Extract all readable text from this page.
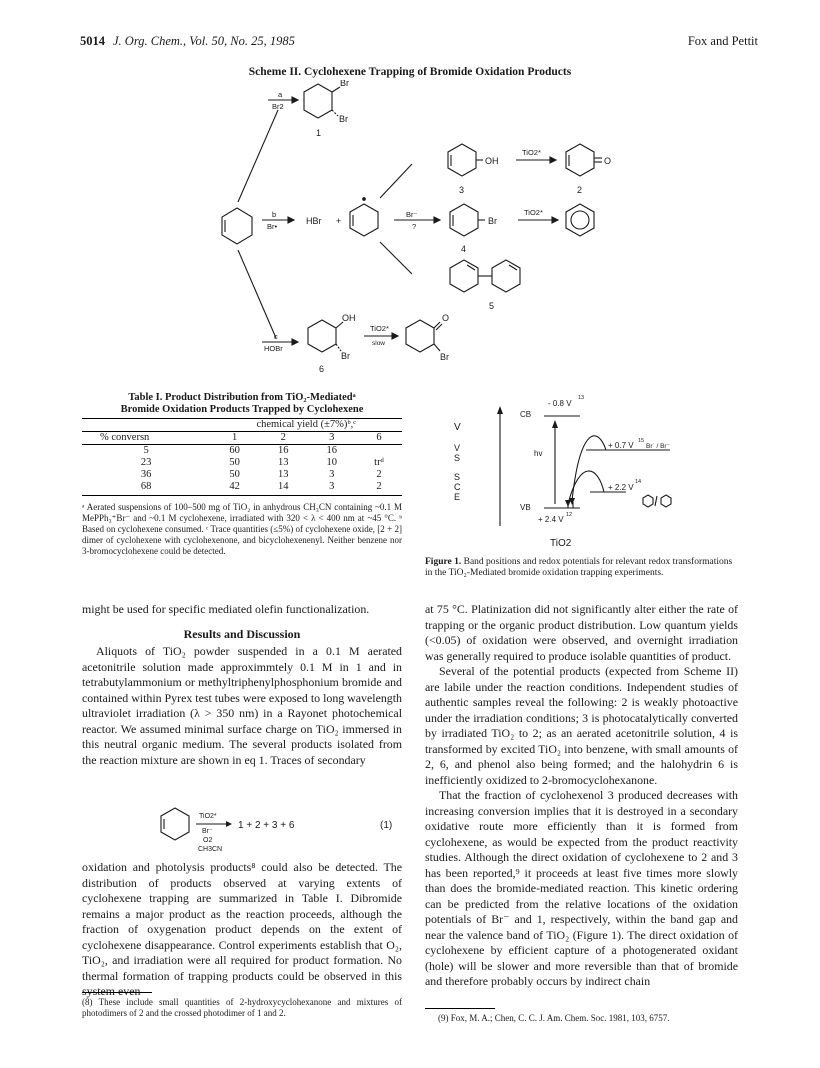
5014 J. Org. Chem., Vol. 50, No. 25, 1985	Fox and Pettit
Scheme II. Cyclohexene Trapping of Bromide Oxidation Products
a
Br2
Br
Br
1
b
Br•
HBr +
Br⁻
?
Br
TiO2*
4
OH
TiO2*
O
3	2
5
c
HOBr
OH
Br
TiO2*
slow
O
Br
6
Table I. Product Distribution from TiO₂-Mediatedᵃ
Bromide Oxidation Products Trapped by Cyclohexene
	chemical yield (±7%)ᵇ,ᶜ			
% conversn	1	2	3	6
5	60	16	16	
23	50	13	10	trᵈ
36	50	13	3	2
68	42	14	3	2
ᵃ Aerated suspensions of 100–500 mg of TiO₂ in anhydrous CH₃CN containing ~0.1 M MePPh₃⁺Br⁻ and ~0.1 M cyclohexene, irradiated with 320 < λ < 400 nm at ~45 °C. ᵇ Based on cyclohexene consumed. ᶜ Trace quantities (≤5%) of cyclohexene oxide, [2 + 2] dimer of cyclohexene with cyclohexenone, and bicyclohexenenyl. Neither benzene nor 3-bromocyclohexene could be detected.
CB
VB
- 0.8 V
13
+ 2.4 V 12
+ 0.7 V 15
Br˙ / Br⁻
+ 2.2 V
14
hv
V
V
S
S
C
E
TiO2
Figure 1. Band positions and redox potentials for relevant redox transformations in the TiO₂-Mediated bromide oxidation trapping experiments.

might be used for specific mediated olefin functionalization.

Results and Discussion

Aliquots of TiO₂ powder suspended in a 0.1 M aerated acetonitrile solution made approximmtely 0.1 M in 1 and in tetrabutylammonium or methyltriphenylphosphonium bromide and contained within Pyrex test tubes were exposed to long wavelength ultraviolet irradiation (λ > 350 nm) in a Rayonet photochemical reactor. We assumed minimal surface charge on TiO₂ immersed in this neutral organic medium. The several products isolated from the reaction mixture are shown in eq 1. Traces of secondary

TiO2*
Br⁻
O2
CH3CN
1 + 2 + 3 + 6	(1)

oxidation and photolysis products⁸ could also be detected. The distribution of products observed at varying extents of cyclohexene trapping are summarized in Table I. Dibromide remains a major product as the reaction proceeds, although the fraction of oxygenation product depends on the extent of cyclohexene disappearance. Control experiments establish that O₂, TiO₂, and irradiation were all required for product formation. No thermal formation of trapping products could be observed in this system even

at 75 °C. Platinization did not significantly alter either the rate of trapping or the organic product distribution. Low quantum yields (<0.05) of oxidation were observed, and overnight irradiation was generally required to produce isolable quantities of product.

Several of the potential products (expected from Scheme II) are labile under the reaction conditions. Independent studies of authentic samples reveal the following: 2 is weakly photoactive under the irradiation conditions; 3 is photocatalytically converted by irradiated TiO₂ to 2; as an aerated acetonitrile solution, 4 is transformed by excited TiO₂ into benzene, with small amounts of 2, 6, and phenol also being formed; and the halohydrin 6 is inefficiently oxidized to 2-bromocyclohexanone.

That the fraction of cyclohexenol 3 produced decreases with increasing conversion implies that it is destroyed in a secondary oxidative route more efficiently than it is formed from cyclohexene, as would be expected from the product reactivity studies. Although the direct oxidation of cyclohexene to 2 and 3 has been reported,⁹ it proceeds at least five times more slowly than does the bromide-mediated reaction. This kinetic ordering can be predicted from the relative locations of the oxidation potentials of Br⁻ and 1, respectively, within the band gap and near the valence band of TiO₂ (Figure 1). The direct oxidation of cyclohexene by efficient capture of a photogenerated oxidant (hole) will be slower and more reversible than that of bromide and therefore probably occurs by indirect chain

(8) These include small quantities of 2-hydroxycyclohexanone and mixtures of photodimers of 2 and the crossed photodimer of 1 and 2.	(9) Fox, M. A.; Chen, C. C. J. Am. Chem. Soc. 1981, 103, 6757.
